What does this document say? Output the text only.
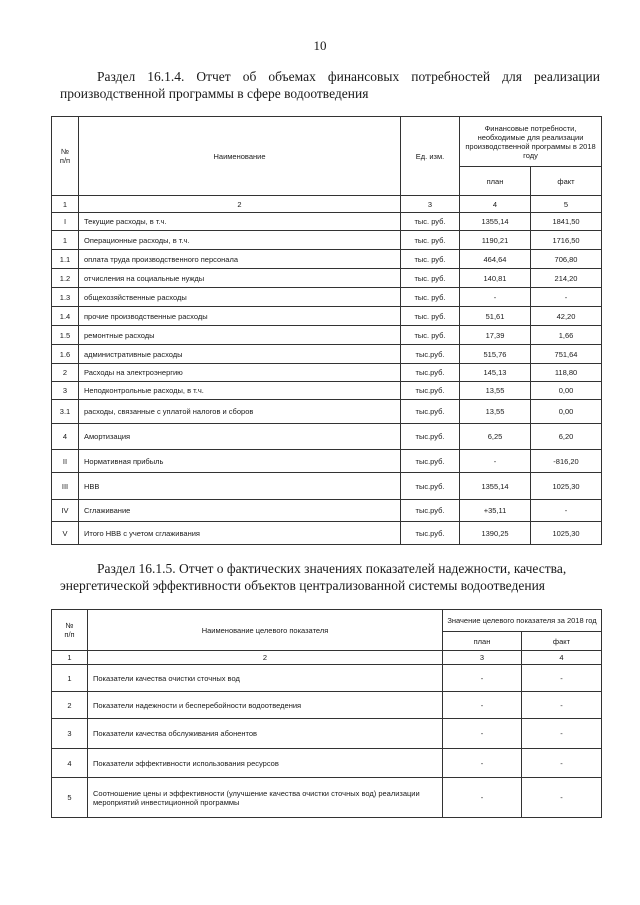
10
Раздел 16.1.4. Отчет об объемах финансовых потребностей для реализации
производственной программы в сфере водоотведения
№
п/п	Наименование	Ед. изм.	Финансовые потребности, необходимые для реализации производственной программы в 2018 году	
			план	факт
1	2	3	4	5
I	Текущие расходы, в т.ч.	тыс. руб.	1355,14	1841,50
1	Операционные расходы, в т.ч.	тыс. руб.	1190,21	1716,50
1.1	оплата труда производственного персонала	тыс. руб.	464,64	706,80
1.2	отчисления на социальные нужды	тыс. руб.	140,81	214,20
1.3	общехозяйственные расходы	тыс. руб.	-	-
1.4	прочие производственные расходы	тыс. руб.	51,61	42,20
1.5	ремонтные расходы	тыс. руб.	17,39	1,66
1.6	административные расходы	тыс.руб.	515,76	751,64
2	Расходы на электроэнергию	тыс.руб.	145,13	118,80
3	Неподконтрольные расходы, в т.ч.	тыс.руб.	13,55	0,00
3.1	расходы, связанные с уплатой налогов и сборов	тыс.руб.	13,55	0,00
4	Амортизация	тыс.руб.	6,25	6,20
II	Нормативная прибыль	тыс.руб.	-	-816,20
III	НВВ	тыс.руб.	1355,14	1025,30
IV	Сглаживание	тыс.руб.	+35,11	-
V	Итого НВВ с учетом сглаживания	тыс.руб.	1390,25	1025,30
Раздел 16.1.5. Отчет о фактических значениях показателей надежности, качества,
энергетической эффективности объектов централизованной системы водоотведения
№
п/п	Наименование целевого показателя	Значение целевого показателя за 2018 год	
		план	факт
1	2	3	4
1	Показатели качества очистки сточных вод	-	-
2	Показатели надежности и бесперебойности водоотведения	-	-
3	Показатели качества обслуживания абонентов	-	-
4	Показатели эффективности использования ресурсов	-	-
5	Соотношение цены и эффективности (улучшение качества очистки сточных вод) реализации мероприятий инвестиционной программы	-	-
